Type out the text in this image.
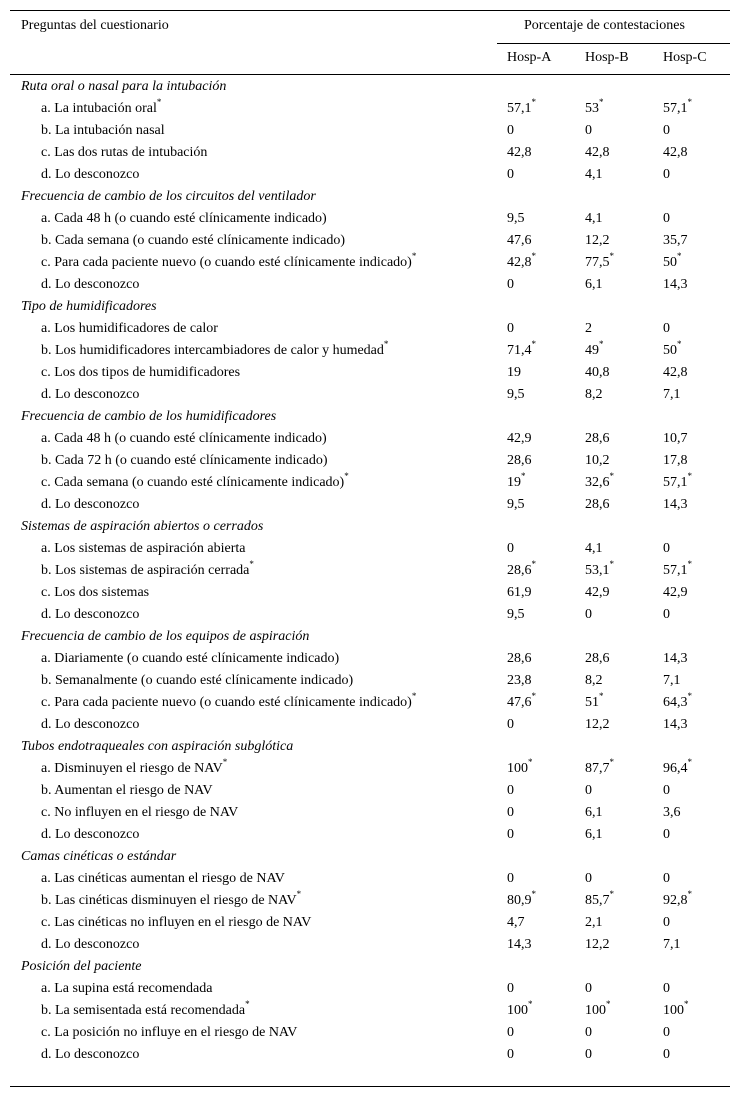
Preguntas del cuestionario	Porcentaje de contestaciones
Hosp-A Hosp-B Hosp-C
Ruta oral o nasal para la intubación
a. La intubación oral*	57,1*	53*	57,1*
b. La intubación nasal	0	0	0
c. Las dos rutas de intubación	42,8	42,8	42,8
d. Lo desconozco	0	4,1	0
Frecuencia de cambio de los circuitos del ventilador
a. Cada 48 h (o cuando esté clínicamente indicado)	9,5	4,1	0
b. Cada semana (o cuando esté clínicamente indicado)	47,6	12,2	35,7
c. Para cada paciente nuevo (o cuando esté clínicamente indicado)*	42,8*	77,5*	50*
d. Lo desconozco	0	6,1	14,3
Tipo de humidificadores
a. Los humidificadores de calor	0	2	0
b. Los humidificadores intercambiadores de calor y humedad*	71,4*	49*	50*
c. Los dos tipos de humidificadores	19	40,8	42,8
d. Lo desconozco	9,5	8,2	7,1
Frecuencia de cambio de los humidificadores
a. Cada 48 h (o cuando esté clínicamente indicado)	42,9	28,6	10,7
b. Cada 72 h (o cuando esté clínicamente indicado)	28,6	10,2	17,8
c. Cada semana (o cuando esté clínicamente indicado)*	19*	32,6*	57,1*
d. Lo desconozco	9,5	28,6	14,3
Sistemas de aspiración abiertos o cerrados
a. Los sistemas de aspiración abierta	0	4,1	0
b. Los sistemas de aspiración cerrada*	28,6*	53,1*	57,1*
c. Los dos sistemas	61,9	42,9	42,9
d. Lo desconozco	9,5	0	0
Frecuencia de cambio de los equipos de aspiración
a. Diariamente (o cuando esté clínicamente indicado)	28,6	28,6	14,3
b. Semanalmente (o cuando esté clínicamente indicado)	23,8	8,2	7,1
c. Para cada paciente nuevo (o cuando esté clínicamente indicado)*	47,6*	51*	64,3*
d. Lo desconozco	0	12,2	14,3
Tubos endotraqueales con aspiración subglótica
a. Disminuyen el riesgo de NAV*	100*	87,7*	96,4*
b. Aumentan el riesgo de NAV	0	0	0
c. No influyen en el riesgo de NAV	0	6,1	3,6
d. Lo desconozco	0	6,1	0
Camas cinéticas o estándar
a. Las cinéticas aumentan el riesgo de NAV	0	0	0
b. Las cinéticas disminuyen el riesgo de NAV*	80,9*	85,7*	92,8*
c. Las cinéticas no influyen en el riesgo de NAV	4,7	2,1	0
d. Lo desconozco	14,3	12,2	7,1
Posición del paciente
a. La supina está recomendada	0	0	0
b. La semisentada está recomendada*	100*	100*	100*
c. La posición no influye en el riesgo de NAV	0	0	0
d. Lo desconozco	0	0	0
